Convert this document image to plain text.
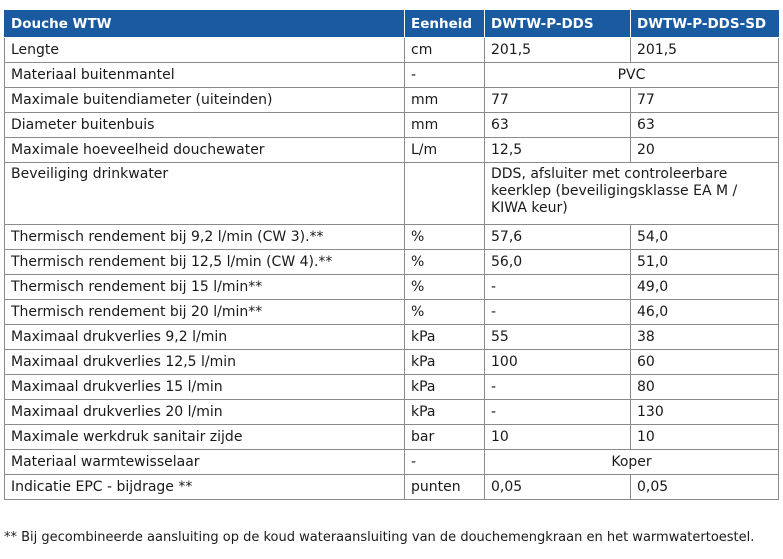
Douche WTW	Eenheid	DWTW-P-DDS	DWTW-P-DDS-SD
Lengte	cm	201,5	201,5
Materiaal buitenmantel	-	PVC	
Maximale buitendiameter (uiteinden)	mm	77	77
Diameter buitenbuis	mm	63	63
Maximale hoeveelheid douchewater	L/m	12,5	20
Beveiliging drinkwater		DDS, afsluiter met controleerbare keerklep (beveiligingsklasse EA M / KIWA keur)	
Thermisch rendement bij 9,2 l/min (CW 3).**	%	57,6	54,0
Thermisch rendement bij 12,5 l/min (CW 4).**	%	56,0	51,0
Thermisch rendement bij 15 l/min**	%	-	49,0
Thermisch rendement bij 20 l/min**	%	-	46,0
Maximaal drukverlies 9,2 l/min	kPa	55	38
Maximaal drukverlies 12,5 l/min	kPa	100	60
Maximaal drukverlies 15 l/min	kPa	-	80
Maximaal drukverlies 20 l/min	kPa	-	130
Maximale werkdruk sanitair zijde	bar	10	10
Materiaal warmtewisselaar	-	Koper	
Indicatie EPC - bijdrage **	punten	0,05	0,05
** Bij gecombineerde aansluiting op de koud wateraansluiting van de douchemengkraan en het warmwatertoestel.
